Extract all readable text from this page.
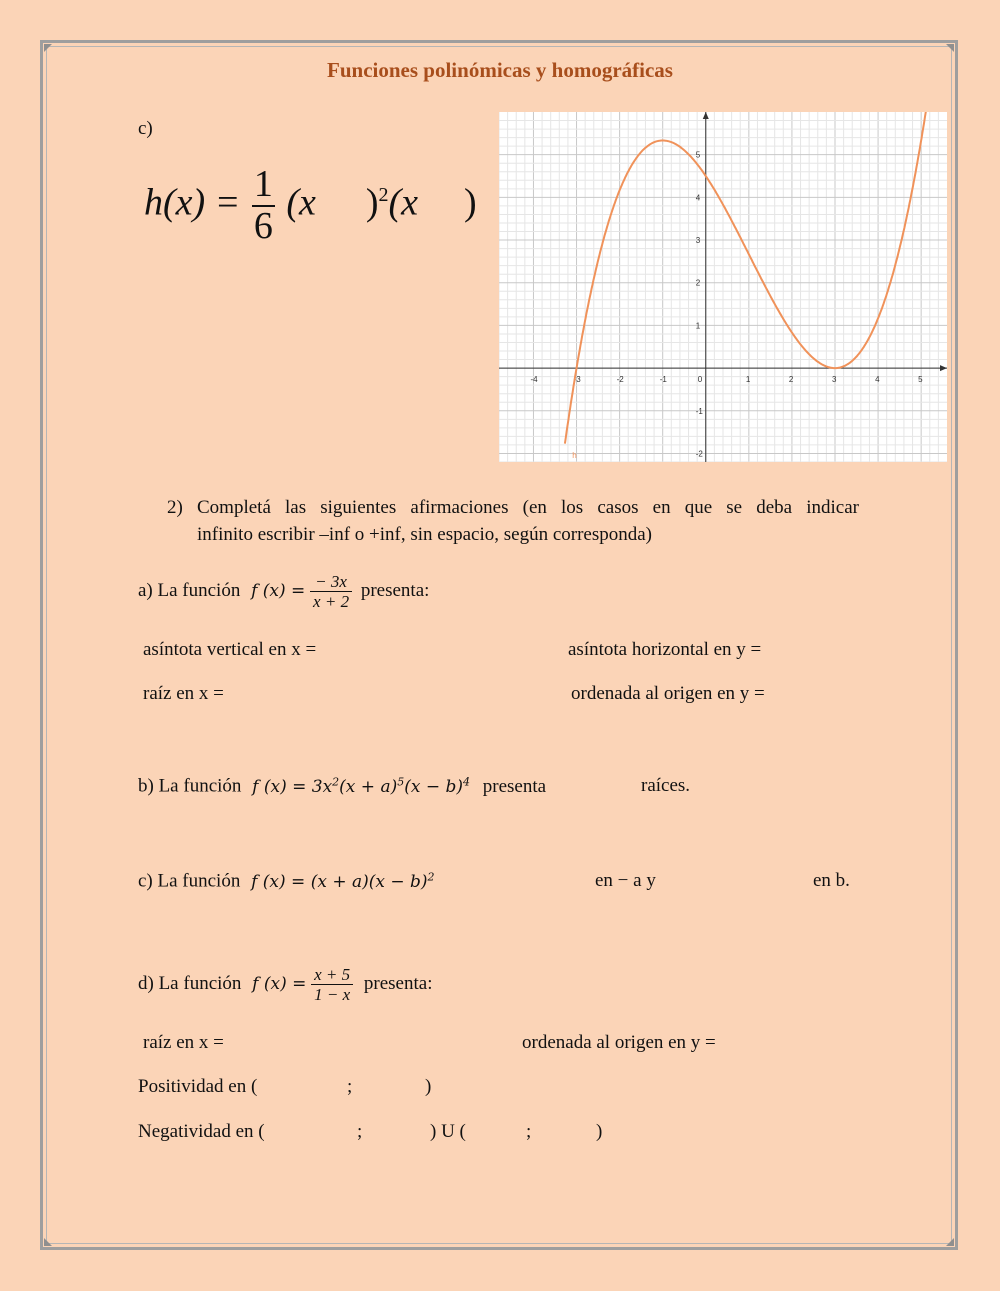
Funciones polinómicas y homográficas
c)
$h(x) = \frac{1}{6} (x$ )$^2$(x )
-4	-3	-2	-1	0	1	2	3	4	5
-2
-1
1
2
3
4
5
h
2) Completá las siguientes afirmaciones (en los casos en que se deba indicar
infinito escribir –inf o +inf, sin espacio, según corresponda)
a) La función f $(x) = \frac{- 3x}{x + 2}$ presenta:
asíntota vertical en x =	asíntota horizontal en y =
raíz en x =	ordenada al origen en y =
b) La función f $(x) = 3x^2(x + a)^5(x - b)^4$ presenta	raíces.
c) La función f $(x) = (x + a)(x - b)^2$	en − a y	en b.
d) La función f $(x) = \frac{x + 5}{1 - x}$ presenta:
raíz en x =	ordenada al origen en y =
Positividad en (	;	)
Negatividad en (	;	) U (	;	)
